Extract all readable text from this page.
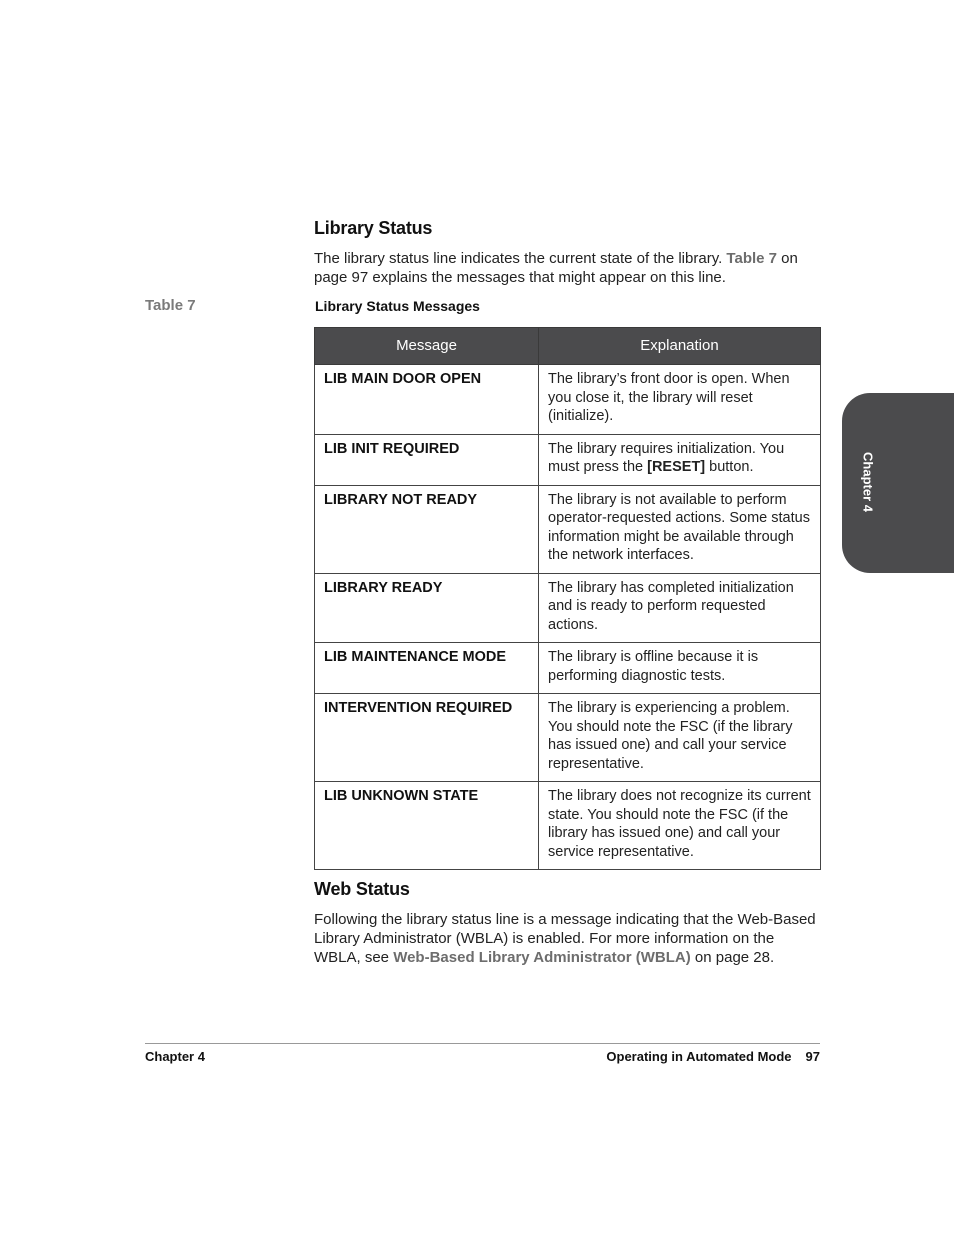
Library Status

The library status line indicates the current state of the library. Table 7 on page 97 explains the messages that might appear on this line.

Table 7	Library Status Messages
Message	Explanation
LIB MAIN DOOR OPEN	The library’s front door is open. When you close it, the library will reset (initialize).
LIB INIT REQUIRED	The library requires initialization. You must press the [RESET] button.
LIBRARY NOT READY	The library is not available to perform operator-requested actions. Some status information might be available through the network interfaces.
LIBRARY READY	The library has completed initialization and is ready to perform requested actions.
LIB MAINTENANCE MODE	The library is offline because it is performing diagnostic tests.
INTERVENTION REQUIRED	The library is experiencing a problem. You should note the FSC (if the library has issued one) and call your service representative.
LIB UNKNOWN STATE	The library does not recognize its current state. You should note the FSC (if the library has issued one) and call your service representative.
Web Status

Following the library status line is a message indicating that the Web-Based Library Administrator (WBLA) is enabled. For more information on the WBLA, see Web-Based Library Administrator (WBLA) on page 28.

Chapter 4	Operating in Automated Mode 97
Chapter 4
